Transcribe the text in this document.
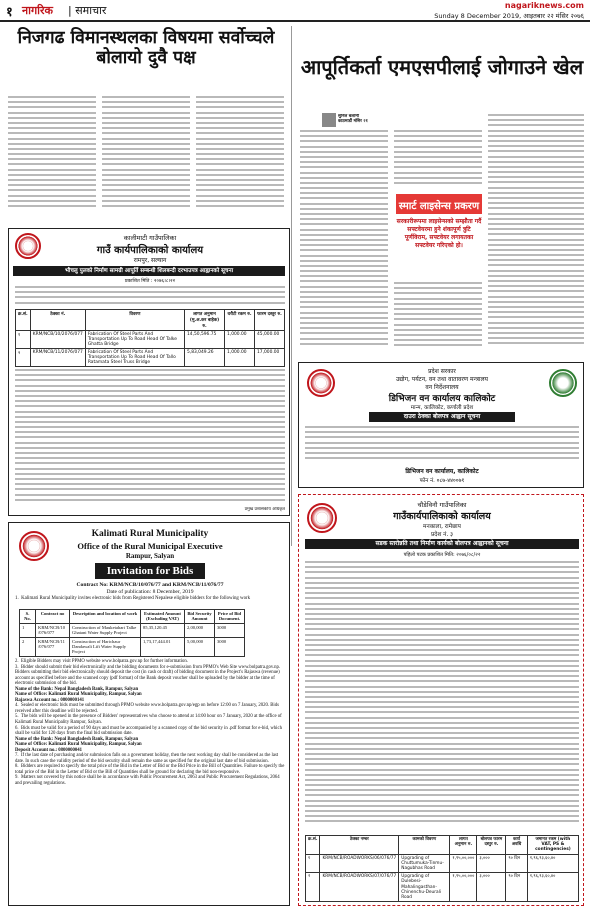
१ नागरिक | समाचार	nagariknews.com
Sunday 8 December 2019, आइतबार २२ मंसिर २०७६
निजगढ विमानस्थलका विषयमा सर्वोच्चले बोलायो दुवै पक्ष	आपूर्तिकर्ता एमएसपीलाई जोगाउने खेल
सुनिल बलामी
काठमाडौं मंसिर २१
स्मार्ट लाइसेन्स प्रकरण
सरकारीरूपमा लाइसेन्सको सम्झौता गर्दै सफ्टवेयरमा हुने शंकापूर्ण त्रुटि पूर्णविराम, सफ्टवेयर लगायतका सफ्टवेयर गरिएको हो।
कालीमाटी गाउँपालिका
गाउँ कार्यपालिकाको कार्यालय
रामपुर, सल्यान
भौचलु पुलको निर्माण सामग्री आपूर्ति सम्बन्धी शिलबन्दी दरभाउपत्र आह्वानको सूचना
प्रकाशित मिति : २०७६।८।२२
क्र.सं.	ठेक्का नं.	विवरण	लागत अनुमान (मु.अ.कर बाहेक) रु.	धरौटी रकम रु.	फारम दस्तुर रु.
१	KRM/NCB/10/2076/077	Fabrication Of Steel Parts And Transportation Up To Road Head Of Talke Ghatta Bridge	14,50,596.75	1,000.00	45,000.00
२	KRM/NCB/11/2076/077	Fabrication Of Steel Parts And Transportation Up To Road Head Of Tallo Ratamata Steel Truss Bridge	5,83,049.26	1,000.00	17,000.00
प्रमुख प्रशासकीय अधिकृत
Kalimati Rural Municipality
Office of the Rural Municipal Executive
Rampur, Salyan
Invitation for Bids
Contract No: KRM/NCB/10/076/77 and KRM/NCB/11/076/77
Date of publication: 8 December, 2019
1.  Kalimati Rural Municipality invites electronic bids from Registered Nepalese eligible bidders for the following work
S. No.	Contract no	Description and location of work	Estimated Amount (Excluding VAT)	Bid Security Amount	Price of Bid Document.
1	KRM/NCB/10 /076/077	Construction of Mauketahari Talke Ghatani Water Supply Project	85,35,120.45	2,00,000	3000
2	KRM/NCB/11 /076/077	Construction of Harichaur Dandawali Lift Water Supply Project	1,73,17,444.01	5,00,000	3000
2.  Eligible Bidders may visit PPMO website www.bolpatra.gov.np for further information.
3.  Bidder should submit their bid electronically and the bidding documents for e-submission from PPMO's Web Site www.bolpatra.gov.np. Bidders submitting their bid electronically should deposit the cost (in cash or draft) of bidding document in the Project's Rajaswa (revenue) account as specified before and the scanned copy (pdf format) of the Bank deposit voucher shall be uploaded by the bidder at the time of electronic submission of the bid.
Name of the Bank: Nepal Bangladesh Bank, Rampur, Salyan
Name of Office: Kalimati Rural Municipality, Rampur, Salyan
Rajaswa Account no.: 0800000141
4.  Sealed or electronic bids must be submitted through PPMO website www.bolpatra.gov.np/egp on before 12:00 on 7 January, 2020. Bids received after this deadline will be rejected.
5.  The bids will be opened in the presence of Bidders' representatives who choose to attend at 14:00 hour on 7 January, 2020 at the office of Kalimati Rural Municipality Rampur, Salyan.
6.  Bids must be valid for a period of 90 days and must be accompanied by a scanned copy of the bid security in .pdf format for e-bid, which shall be valid for 120 days from the final bid submission date.
Name of the Bank: Nepal Bangladesh Bank, Rampur, Salyan
Name of Office: Kalimati Rural Municipality, Rampur, Salyan
Deposit Account no.: 0800000041
7.  If the last date of purchasing and/or submission falls on a government holiday, then the next working day shall be considered as the last date. In such case the validity period of the bid security shall remain the same as specified for the original last date of bid submission.
8.  Bidders are required to specify the total price of the Bid in the Letter of Bid or the Bid Price in the Bill of Quantities. Failure to specify the total price of the Bid in the Letter of Bid or the Bill of Quantities shall be ground for declaring the bid non-responsive.
9.  Matters not covered by this notice shall be in accordance with Public Procurement Act, 2063 and Public Procurement Regulations, 2064 and prevailing regulations.
प्रदेश सरकार
उद्योग, पर्यटन, वन तथा वातावरण मन्त्रालय
वन निर्देशनालय
डिभिजन वन कार्यालय कालिकोट
मान्म, कालिकोट, कर्णाली प्रदेश
दाउरा ठेक्का बोलपत्र आह्वान सूचना
डिभिजन वन कार्यालय, कालिकोट
फोन नं. ०८७-४४००७१
चौडेविनौ गाउँपालिका
गाउँकार्यपालिकाको कार्यालय
मनकाला, रामेछाप
प्रदेश नं. ३
सडक स्तरोन्नति तथा निर्माण कार्यको बोलपत्र आह्वानको सूचना
पहिलो पटक प्रकाशित मिति: २०७६/०८/२२
क्र.सं.	ठेक्का नम्बर	कामको विवरण	लागत अनुमान रु.	बोलपत्र फारम दस्तुर रु.	कार्य अवधि	जमानत रकम (with VAT, PS & contingencies)
१	KRM/NCB/ROADWORKS/06/076/77	Upgrading of Chuttumuka-Tinmu-Nagubhas Road	१,९५,००,०००	३,०००	९० दिन	१,९६,९३,६०,४०
२	KRM/NCB/ROADWORKS/07/076/77	Upgrading of Dulebesi-Mahalingasthan-Chinenchu-Deurali Road	१,९५,००,०००	३,०००	९० दिन	१,९६,९३,६०,४०
